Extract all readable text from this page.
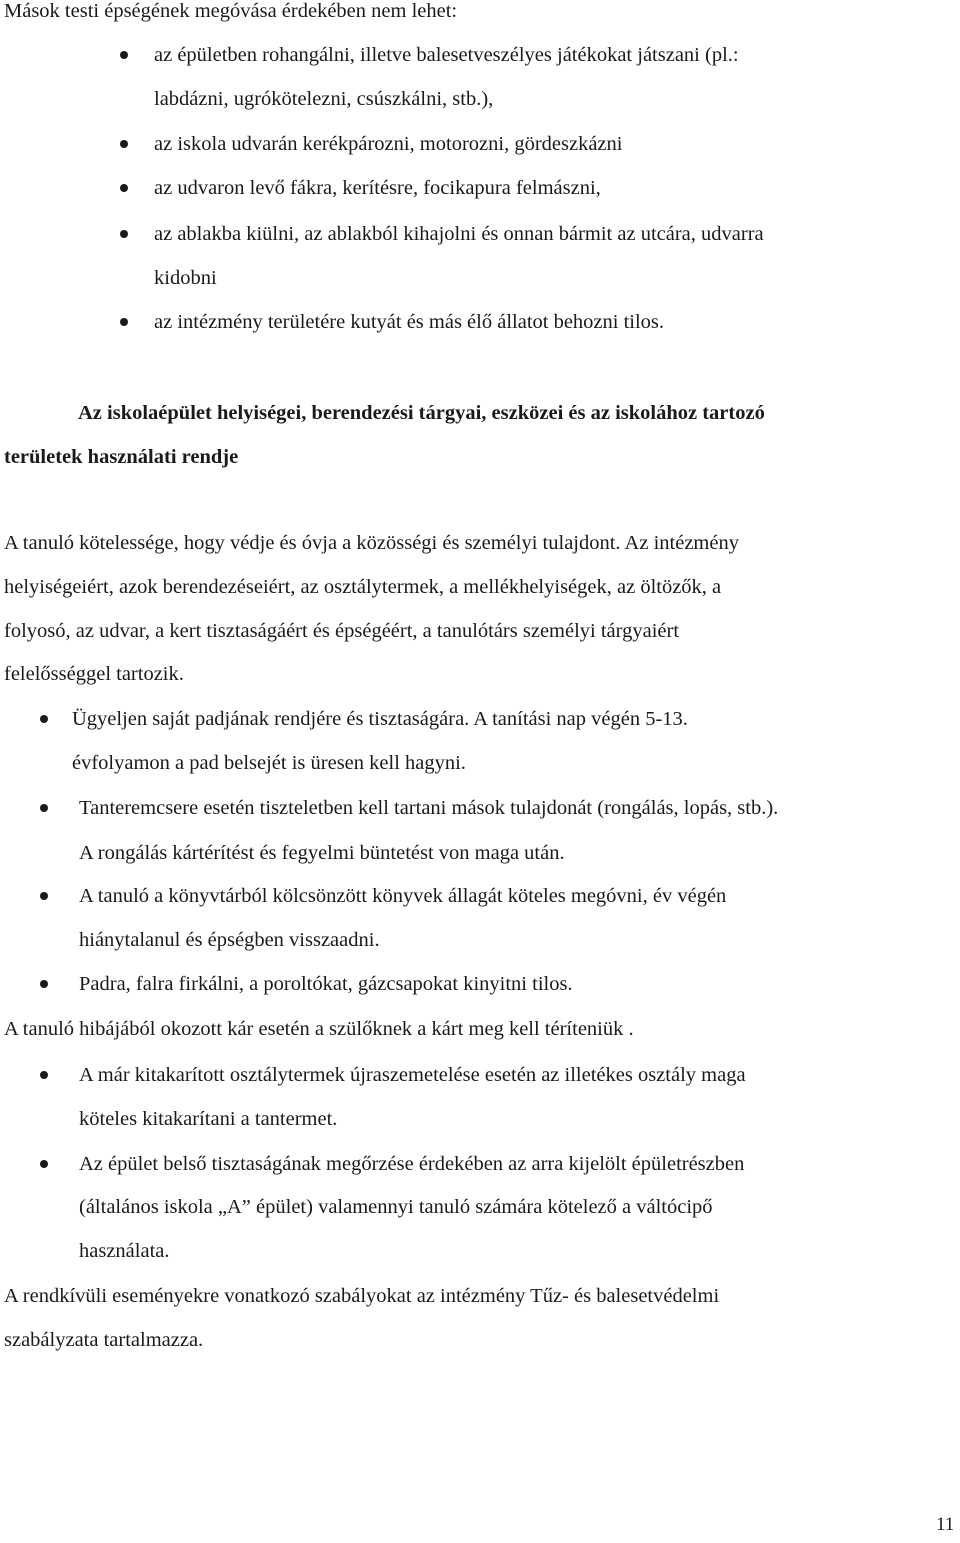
Mások testi épségének megóvása érdekében nem lehet:
az épületben rohangálni, illetve balesetveszélyes játékokat játszani (pl.:
labdázni, ugrókötelezni, csúszkálni, stb.),
az iskola udvarán kerékpározni, motorozni, gördeszkázni
az udvaron levő fákra, kerítésre, focikapura felmászni,
az ablakba kiülni, az ablakból kihajolni és onnan bármit az utcára, udvarra
kidobni
az intézmény területére kutyát és más élő állatot behozni tilos.
Az iskolaépület helyiségei, berendezési tárgyai, eszközei és az iskolához tartozó
területek használati rendje
A tanuló kötelessége, hogy védje és óvja a közösségi és személyi tulajdont. Az intézmény
helyiségeiért, azok berendezéseiért, az osztálytermek, a mellékhelyiségek, az öltözők, a
folyosó, az udvar, a kert tisztaságáért és épségéért, a tanulótárs személyi tárgyaiért
felelősséggel tartozik.
Ügyeljen saját padjának rendjére és tisztaságára. A tanítási nap végén 5-13.
évfolyamon a pad belsejét is üresen kell hagyni.
Tanteremcsere esetén tiszteletben kell tartani mások tulajdonát (rongálás, lopás, stb.).
A rongálás kártérítést és fegyelmi büntetést von maga után.
A tanuló a könyvtárból kölcsönzött könyvek állagát köteles megóvni, év végén
hiánytalanul és épségben visszaadni.
Padra, falra firkálni, a poroltókat, gázcsapokat kinyitni tilos.
A tanuló hibájából okozott kár esetén a szülőknek a kárt meg kell téríteniük .
A már kitakarított osztálytermek újraszemetelése esetén az illetékes osztály maga
köteles kitakarítani a tantermet.
Az épület belső tisztaságának megőrzése érdekében az arra kijelölt épületrészben
(általános iskola „A” épület) valamennyi tanuló számára kötelező a váltócipő
használata.
A rendkívüli eseményekre vonatkozó szabályokat az intézmény Tűz- és balesetvédelmi
szabályzata tartalmazza.
11
